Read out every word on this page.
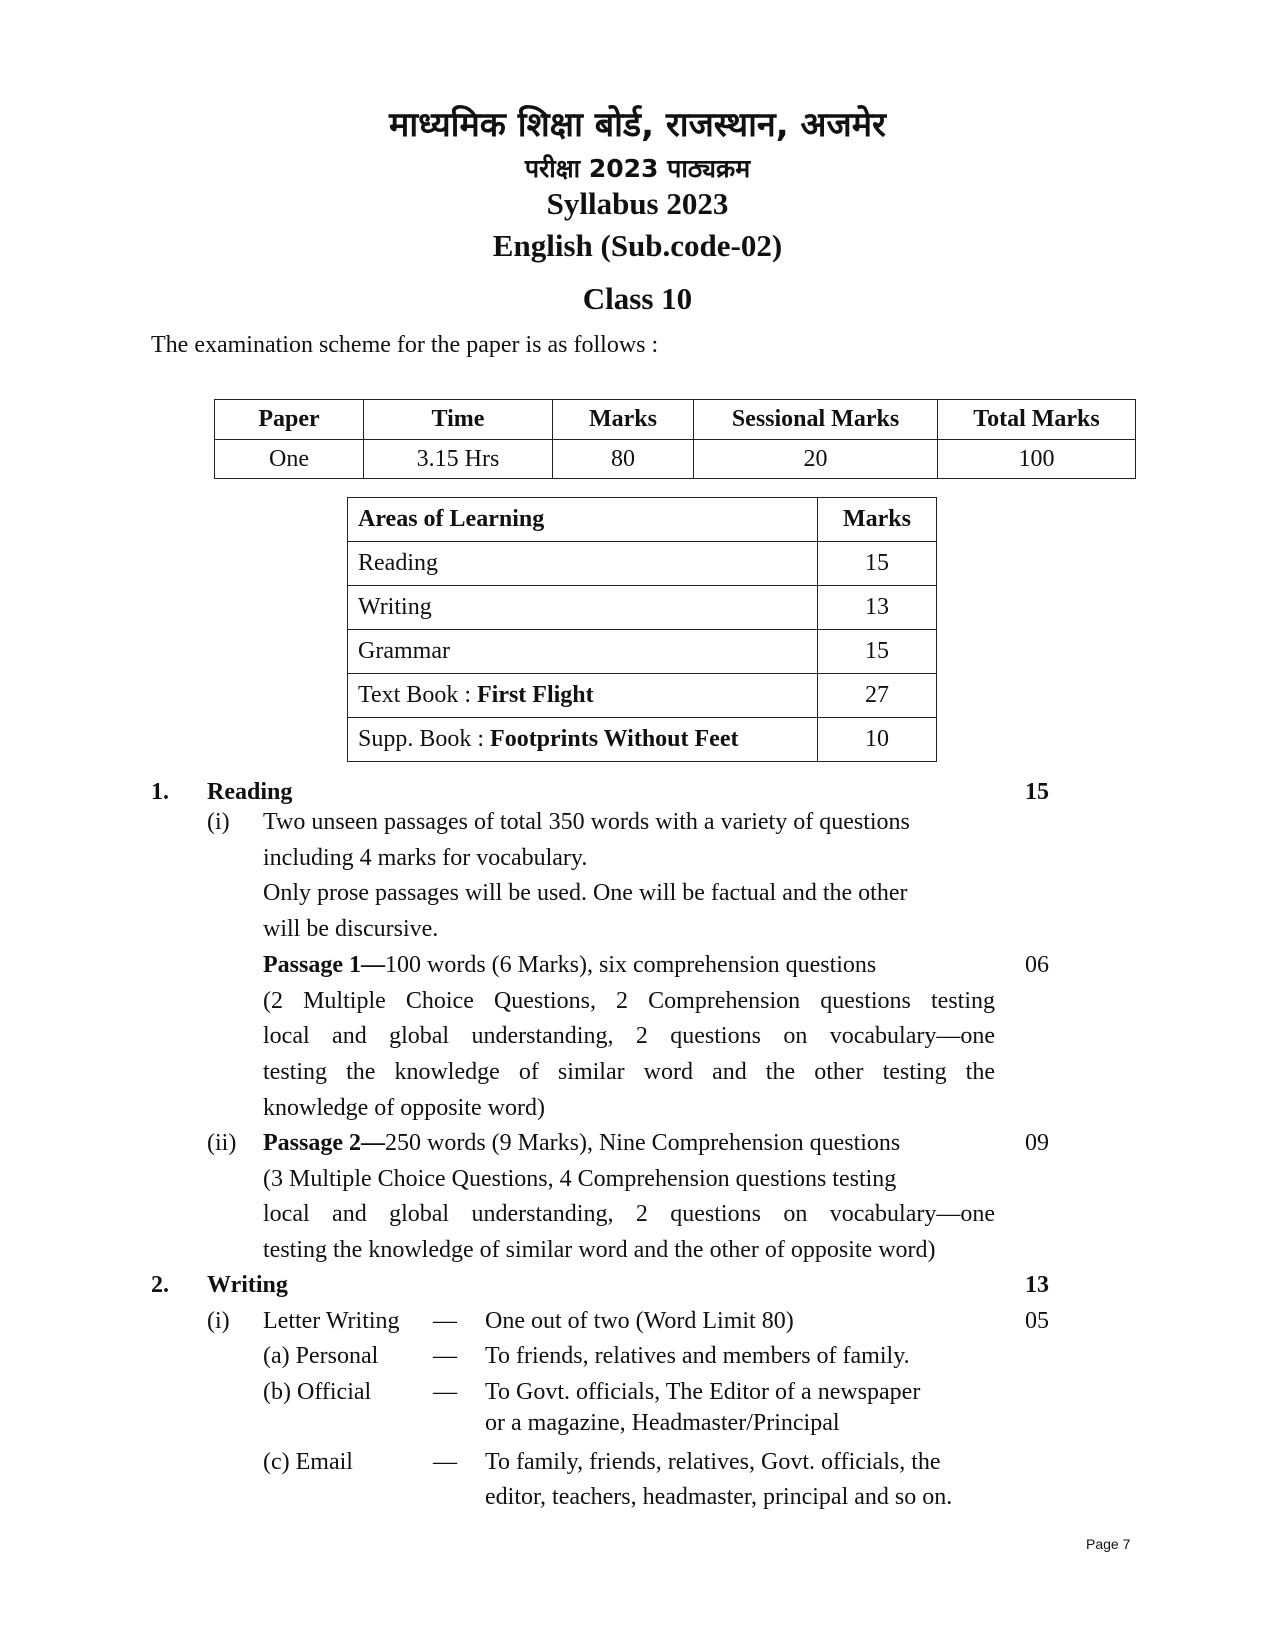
माध्यमिक शिक्षा बोर्ड, राजस्थान, अजमेर
परीक्षा 2023 पाठ्यक्रम
Syllabus 2023
English (Sub.code-02)
Class 10
The examination scheme for the paper is as follows :
Paper	Time	Marks	Sessional Marks	Total Marks
One	3.15 Hrs	80	20	100
Areas of Learning	Marks
Reading	15
Writing	13
Grammar	15
Text Book : First Flight	27
Supp. Book : Footprints Without Feet	10
1. Reading	15
(i) Two unseen passages of total 350 words with a variety of questions
including 4 marks for vocabulary.
Only prose passages will be used. One will be factual and the other
will be discursive.
Passage 1—100 words (6 Marks), six comprehension questions	06
(2 Multiple Choice Questions, 2 Comprehension questions testing
local and global understanding, 2 questions on vocabulary—one
testing the knowledge of similar word and the other testing the
knowledge of opposite word)
(ii) Passage 2—250 words (9 Marks), Nine Comprehension questions	09
(3 Multiple Choice Questions, 4 Comprehension questions testing
local and global understanding, 2 questions on vocabulary—one
testing the knowledge of similar word and the other of opposite word)
2. Writing	13
(i) Letter Writing — One out of two (Word Limit 80)	05
(a) Personal — To friends, relatives and members of family.
(b) Official	— To Govt. officials, The Editor of a newspaper
or a magazine, Headmaster/Principal
(c) Email	— To family, friends, relatives, Govt. officials, the
editor, teachers, headmaster, principal and so on.
Page 7
